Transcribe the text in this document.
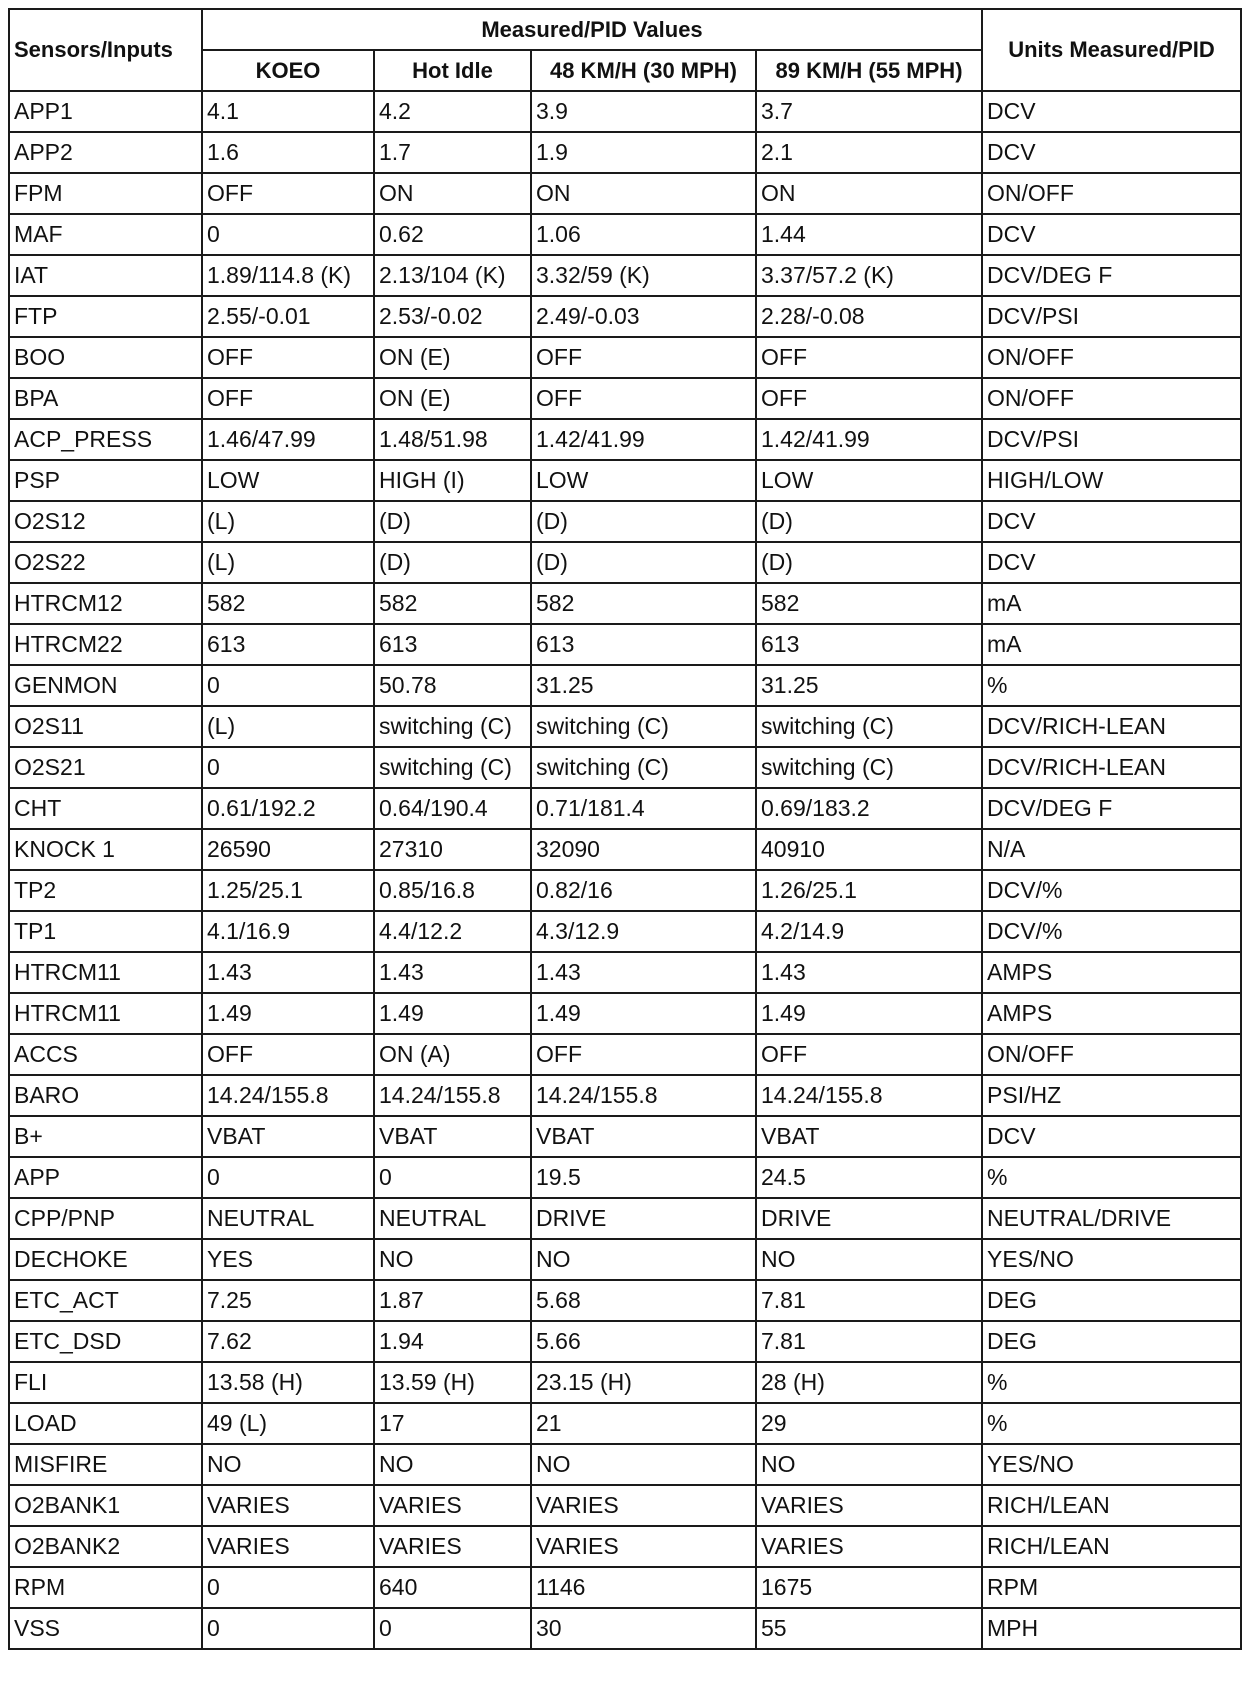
Sensors/Inputs	Measured/PID Values				Units Measured/PID
	KOEO	Hot Idle	48 KM/H (30 MPH)	89 KM/H (55 MPH)	
APP1	4.1	4.2	3.9	3.7	DCV
APP2	1.6	1.7	1.9	2.1	DCV
FPM	OFF	ON	ON	ON	ON/OFF
MAF	0	0.62	1.06	1.44	DCV
IAT	1.89/114.8 (K)	2.13/104 (K)	3.32/59 (K)	3.37/57.2 (K)	DCV/DEG F
FTP	2.55/-0.01	2.53/-0.02	2.49/-0.03	2.28/-0.08	DCV/PSI
BOO	OFF	ON (E)	OFF	OFF	ON/OFF
BPA	OFF	ON (E)	OFF	OFF	ON/OFF
ACP_PRESS	1.46/47.99	1.48/51.98	1.42/41.99	1.42/41.99	DCV/PSI
PSP	LOW	HIGH (I)	LOW	LOW	HIGH/LOW
O2S12	(L)	(D)	(D)	(D)	DCV
O2S22	(L)	(D)	(D)	(D)	DCV
HTRCM12	582	582	582	582	mA
HTRCM22	613	613	613	613	mA
GENMON	0	50.78	31.25	31.25	%
O2S11	(L)	switching (C)	switching (C)	switching (C)	DCV/RICH-LEAN
O2S21	0	switching (C)	switching (C)	switching (C)	DCV/RICH-LEAN
CHT	0.61/192.2	0.64/190.4	0.71/181.4	0.69/183.2	DCV/DEG F
KNOCK 1	26590	27310	32090	40910	N/A
TP2	1.25/25.1	0.85/16.8	0.82/16	1.26/25.1	DCV/%
TP1	4.1/16.9	4.4/12.2	4.3/12.9	4.2/14.9	DCV/%
HTRCM11	1.43	1.43	1.43	1.43	AMPS
HTRCM11	1.49	1.49	1.49	1.49	AMPS
ACCS	OFF	ON (A)	OFF	OFF	ON/OFF
BARO	14.24/155.8	14.24/155.8	14.24/155.8	14.24/155.8	PSI/HZ
B+	VBAT	VBAT	VBAT	VBAT	DCV
APP	0	0	19.5	24.5	%
CPP/PNP	NEUTRAL	NEUTRAL	DRIVE	DRIVE	NEUTRAL/DRIVE
DECHOKE	YES	NO	NO	NO	YES/NO
ETC_ACT	7.25	1.87	5.68	7.81	DEG
ETC_DSD	7.62	1.94	5.66	7.81	DEG
FLI	13.58 (H)	13.59 (H)	23.15 (H)	28 (H)	%
LOAD	49 (L)	17	21	29	%
MISFIRE	NO	NO	NO	NO	YES/NO
O2BANK1	VARIES	VARIES	VARIES	VARIES	RICH/LEAN
O2BANK2	VARIES	VARIES	VARIES	VARIES	RICH/LEAN
RPM	0	640	1146	1675	RPM
VSS	0	0	30	55	MPH
